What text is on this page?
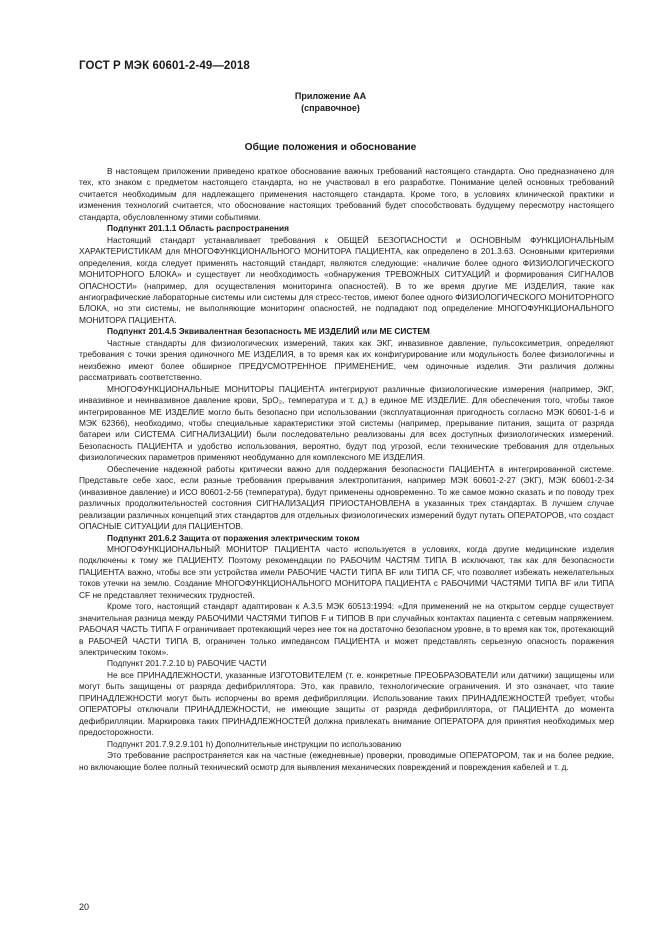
ГОСТ Р МЭК 60601-2-49—2018
Приложение АА
(справочное)
Общие положения и обоснование

В настоящем приложении приведено краткое обоснование важных требований настоящего стандарта. Оно предназначено для тех, кто знаком с предметом настоящего стандарта, но не участвовал в его разработке. Понимание целей основных требований считается необходимым для надлежащего применения настоящего стандарта. Кроме того, в условиях клинической практики и изменения технологий считается, что обоснование настоящих требований будет способствовать будущему пересмотру настоящего стандарта, обусловленному этими событиями.

Подпункт 201.1.1 Область распространения

Настоящий стандарт устанавливает требования к ОБЩЕЙ БЕЗОПАСНОСТИ и ОСНОВНЫМ ФУНКЦИОНАЛЬНЫМ ХАРАКТЕРИСТИКАМ для МНОГОФУНКЦИОНАЛЬНОГО МОНИТОРА ПАЦИЕНТА, как определено в 201.3.63. Основными критериями определения, когда следует применять настоящий стандарт, являются следующие: «наличие более одного ФИЗИОЛОГИЧЕСКОГО МОНИТОРНОГО БЛОКА» и существует ли необходимость «обнаружения ТРЕВОЖНЫХ СИТУАЦИЙ и формирования СИГНАЛОВ ОПАСНОСТИ» (например, для осуществления мониторинга опасностей). В то же время другие МЕ ИЗДЕЛИЯ, такие как ангиографические лабораторные системы или системы для стресс-тестов, имеют более одного ФИЗИОЛОГИЧЕСКОГО МОНИТОРНОГО БЛОКА, но эти системы, не выполняющие мониторинг опасностей, не подпадают под определение МНОГОФУНКЦИОНАЛЬНОГО МОНИТОРА ПАЦИЕНТА.

Подпункт 201.4.5 Эквивалентная безопасность МЕ ИЗДЕЛИЙ или МЕ СИСТЕМ

Частные стандарты для физиологических измерений, таких как ЭКГ, инвазивное давление, пульсоксиметрия, определяют требования с точки зрения одиночного МЕ ИЗДЕЛИЯ, в то время как их конфигурирование или модульность более физиологичны и неизбежно имеют более обширное ПРЕДУСМОТРЕННОЕ ПРИМЕНЕНИЕ, чем одиночные изделия. Эти различия должны рассматривать соответственно.

МНОГОФУНКЦИОНАЛЬНЫЕ МОНИТОРЫ ПАЦИЕНТА интегрируют различные физиологические измерения (например, ЭКГ, инвазивное и неинвазивное давление крови, SpO₂, температура и т. д.) в единое МЕ ИЗДЕЛИЕ. Для обеспечения того, чтобы такое интегрированное МЕ ИЗДЕЛИЕ могло быть безопасно при использовании (эксплуатационная пригодность согласно МЭК 60601-1-6 и МЭК 62366), необходимо, чтобы специальные характеристики этой системы (например, прерывание питания, защита от разряда батареи или СИСТЕМА СИГНАЛИЗАЦИИ) были последовательно реализованы для всех доступных физиологических измерений. Безопасность ПАЦИЕНТА и удобство использования, вероятно, будут под угрозой, если технические требования для отдельных физиологических параметров применяют необдуманно для комплексного МЕ ИЗДЕЛИЯ.

Обеспечение надежной работы критически важно для поддержания безопасности ПАЦИЕНТА в интегрированной системе. Представьте себе хаос, если разные требования прерывания электропитания, например МЭК 60601-2-27 (ЭКГ), МЭК 60601-2-34 (инвазивное давление) и ИСО 80601-2-56 (температура), будут применены одновременно. То же самое можно сказать и по поводу трех различных продолжительностей состояния СИГНАЛИЗАЦИЯ ПРИОСТАНОВЛЕНА в указанных трех стандартах. В лучшем случае реализации различных концепций этих стандартов для отдельных физиологических измерений будут путать ОПЕРАТОРОВ, что создаст ОПАСНЫЕ СИТУАЦИИ для ПАЦИЕНТОВ.

Подпункт 201.6.2 Защита от поражения электрическим током

МНОГОФУНКЦИОНАЛЬНЫЙ МОНИТОР ПАЦИЕНТА часто используется в условиях, когда другие медицинские изделия подключены к тому же ПАЦИЕНТУ. Поэтому рекомендации по РАБОЧИМ ЧАСТЯМ ТИПА В исключают, так как для безопасности ПАЦИЕНТА важно, чтобы все эти устройства имели РАБОЧИЕ ЧАСТИ ТИПА BF или ТИПА CF, что позволяет избежать нежелательных токов утечки на землю. Создание МНОГОФУНКЦИОНАЛЬНОГО МОНИТОРА ПАЦИЕНТА с РАБОЧИМИ ЧАСТЯМИ ТИПА BF или ТИПА CF не представляет технических трудностей.

Кроме того, настоящий стандарт адаптирован к А.3.5 МЭК 60513:1994: «Для применений не на открытом сердце существует значительная разница между РАБОЧИМИ ЧАСТЯМИ ТИПОВ F и ТИПОВ В при случайных контактах пациента с сетевым напряжением. РАБОЧАЯ ЧАСТЬ ТИПА F ограничивает протекающий через нее ток на достаточно безопасном уровне, в то время как ток, протекающий в РАБОЧЕЙ ЧАСТИ ТИПА В, ограничен только импедансом ПАЦИЕНТА и может представлять серьезную опасность поражения электрическим током».

Подпункт 201.7.2.10 b) РАБОЧИЕ ЧАСТИ

Не все ПРИНАДЛЕЖНОСТИ, указанные ИЗГОТОВИТЕЛЕМ (т. е. конкретные ПРЕОБРАЗОВАТЕЛИ или датчики) защищены или могут быть защищены от разряда дефибриллятора. Это, как правило, технологические ограничения. И это означает, что такие ПРИНАДЛЕЖНОСТИ могут быть испорчены во время дефибрилляции. Использование таких ПРИНАДЛЕЖНОСТЕЙ требует, чтобы ОПЕРАТОРЫ отключали ПРИНАДЛЕЖНОСТИ, не имеющие защиты от разряда дефибриллятора, от ПАЦИЕНТА до момента дефибрилляции. Маркировка таких ПРИНАДЛЕЖНОСТЕЙ должна привлекать внимание ОПЕРАТОРА для принятия необходимых мер предосторожности.

Подпункт 201.7.9.2.9.101 h) Дополнительные инструкции по использованию

Это требование распространяется как на частные (ежедневные) проверки, проводимые ОПЕРАТОРОМ, так и на более редкие, но включающие более полный технический осмотр для выявления механических повреждений и повреждения кабелей и т. д.

20
